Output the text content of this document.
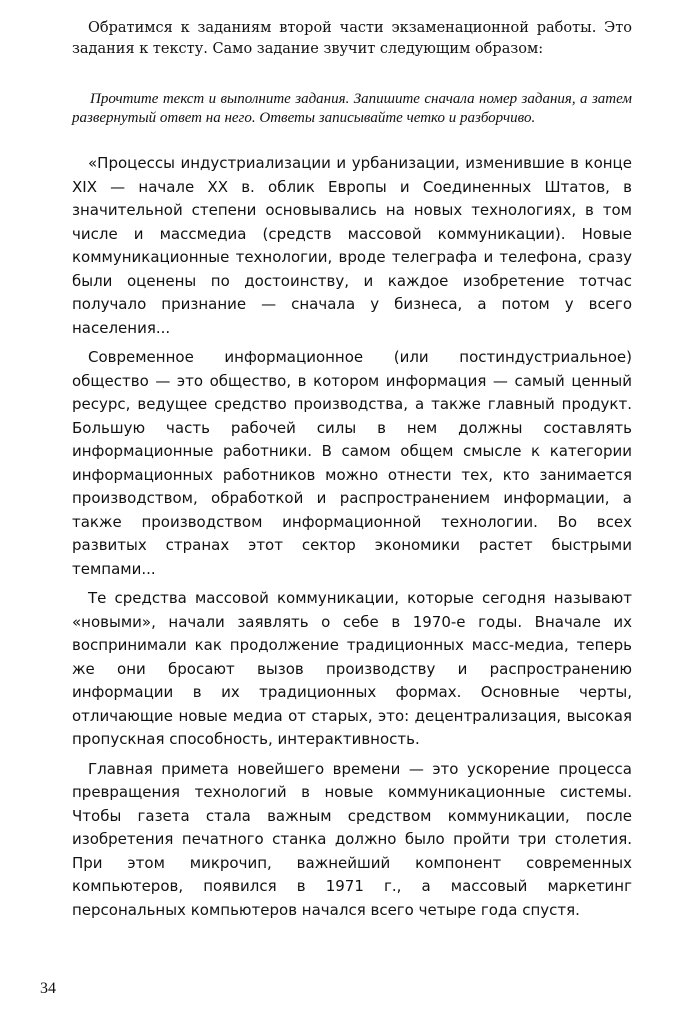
Обратимся к заданиям второй части экзаменационной работы. Это задания к тексту. Само задание звучит следующим образом:

Прочтите текст и выполните задания. Запишите сначала номер задания, а затем развернутый ответ на него. Ответы записывайте четко и разборчиво.

«Процессы индустриализации и урбанизации, изменившие в конце XIX — начале XX в. облик Европы и Соединенных Штатов, в значительной степени основывались на новых технологиях, в том числе и массмедиа (средств массовой коммуникации). Новые коммуникационные технологии, вроде телеграфа и телефона, сразу были оценены по достоинству, и каждое изобретение тотчас получало признание — сначала у бизнеса, а потом у всего населения...

Современное информационное (или постиндустриальное) общество — это общество, в котором информация — самый ценный ресурс, ведущее средство производства, а также главный продукт. Большую часть рабочей силы в нем должны составлять информационные работники. В самом общем смысле к категории информационных работников можно отнести тех, кто занимается производством, обработкой и распространением информации, а также производством информационной технологии. Во всех развитых странах этот сектор экономики растет быстрыми темпами...

Те средства массовой коммуникации, которые сегодня называют «новыми», начали заявлять о себе в 1970-е годы. Вначале их воспринимали как продолжение традиционных масс-медиа, теперь же они бросают вызов производству и распространению информации в их традиционных формах. Основные черты, отличающие новые медиа от старых, это: децентрализация, высокая пропускная способность, интерактивность.

Главная примета новейшего времени — это ускорение процесса превращения технологий в новые коммуникационные системы. Чтобы газета стала важным средством коммуникации, после изобретения печатного станка должно было пройти три столетия. При этом микрочип, важнейший компонент современных компьютеров, появился в 1971 г., а массовый маркетинг персональных компьютеров начался всего четыре года спустя.

34
